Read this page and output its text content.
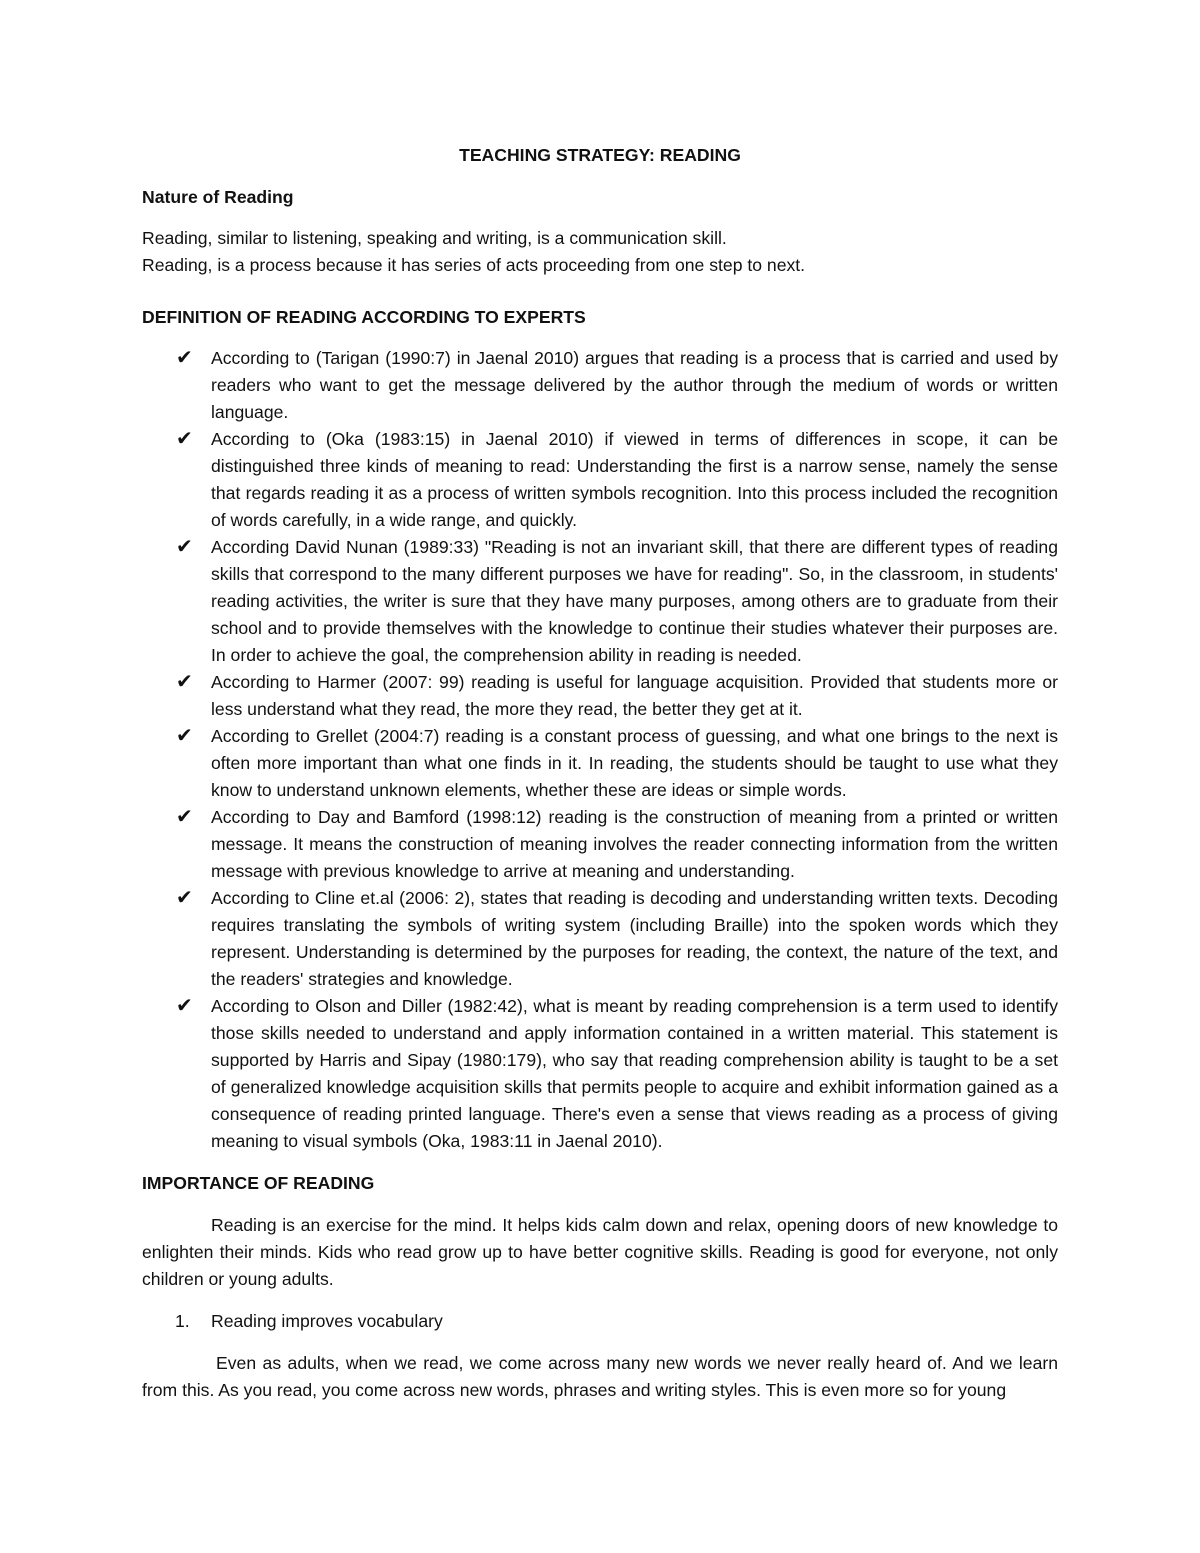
TEACHING STRATEGY: READING
Nature of Reading

Reading, similar to listening, speaking and writing, is a communication skill.

Reading, is a process because it has series of acts proceeding from one step to next.

DEFINITION OF READING ACCORDING TO EXPERTS
✔ According to (Tarigan (1990:7) in Jaenal 2010) argues that reading is a process that is carried and used by readers who want to get the message delivered by the author through the medium of words or written language.
✔ According to (Oka (1983:15) in Jaenal 2010) if viewed in terms of differences in scope, it can be distinguished three kinds of meaning to read: Understanding the first is a narrow sense, namely the sense that regards reading it as a process of written symbols recognition. Into this process included the recognition of words carefully, in a wide range, and quickly.
✔ According David Nunan (1989:33) "Reading is not an invariant skill, that there are different types of reading skills that correspond to the many different purposes we have for reading". So, in the classroom, in students' reading activities, the writer is sure that they have many purposes, among others are to graduate from their school and to provide themselves with the knowledge to continue their studies whatever their purposes are. In order to achieve the goal, the comprehension ability in reading is needed.
✔ According to Harmer (2007: 99) reading is useful for language acquisition. Provided that students more or less understand what they read, the more they read, the better they get at it.
✔ According to Grellet (2004:7) reading is a constant process of guessing, and what one brings to the next is often more important than what one finds in it. In reading, the students should be taught to use what they know to understand unknown elements, whether these are ideas or simple words.
✔ According to Day and Bamford (1998:12) reading is the construction of meaning from a printed or written message. It means the construction of meaning involves the reader connecting information from the written message with previous knowledge to arrive at meaning and understanding.
✔ According to Cline et.al (2006: 2), states that reading is decoding and understanding written texts. Decoding requires translating the symbols of writing system (including Braille) into the spoken words which they represent. Understanding is determined by the purposes for reading, the context, the nature of the text, and the readers' strategies and knowledge.
✔ According to Olson and Diller (1982:42), what is meant by reading comprehension is a term used to identify those skills needed to understand and apply information contained in a written material. This statement is supported by Harris and Sipay (1980:179), who say that reading comprehension ability is taught to be a set of generalized knowledge acquisition skills that permits people to acquire and exhibit information gained as a consequence of reading printed language. There's even a sense that views reading as a process of giving meaning to visual symbols (Oka, 1983:11 in Jaenal 2010).
IMPORTANCE OF READING

Reading is an exercise for the mind. It helps kids calm down and relax, opening doors of new knowledge to enlighten their minds. Kids who read grow up to have better cognitive skills. Reading is good for everyone, not only children or young adults.

1. Reading improves vocabulary

Even as adults, when we read, we come across many new words we never really heard of. And we learn from this. As you read, you come across new words, phrases and writing styles. This is even more so for young
